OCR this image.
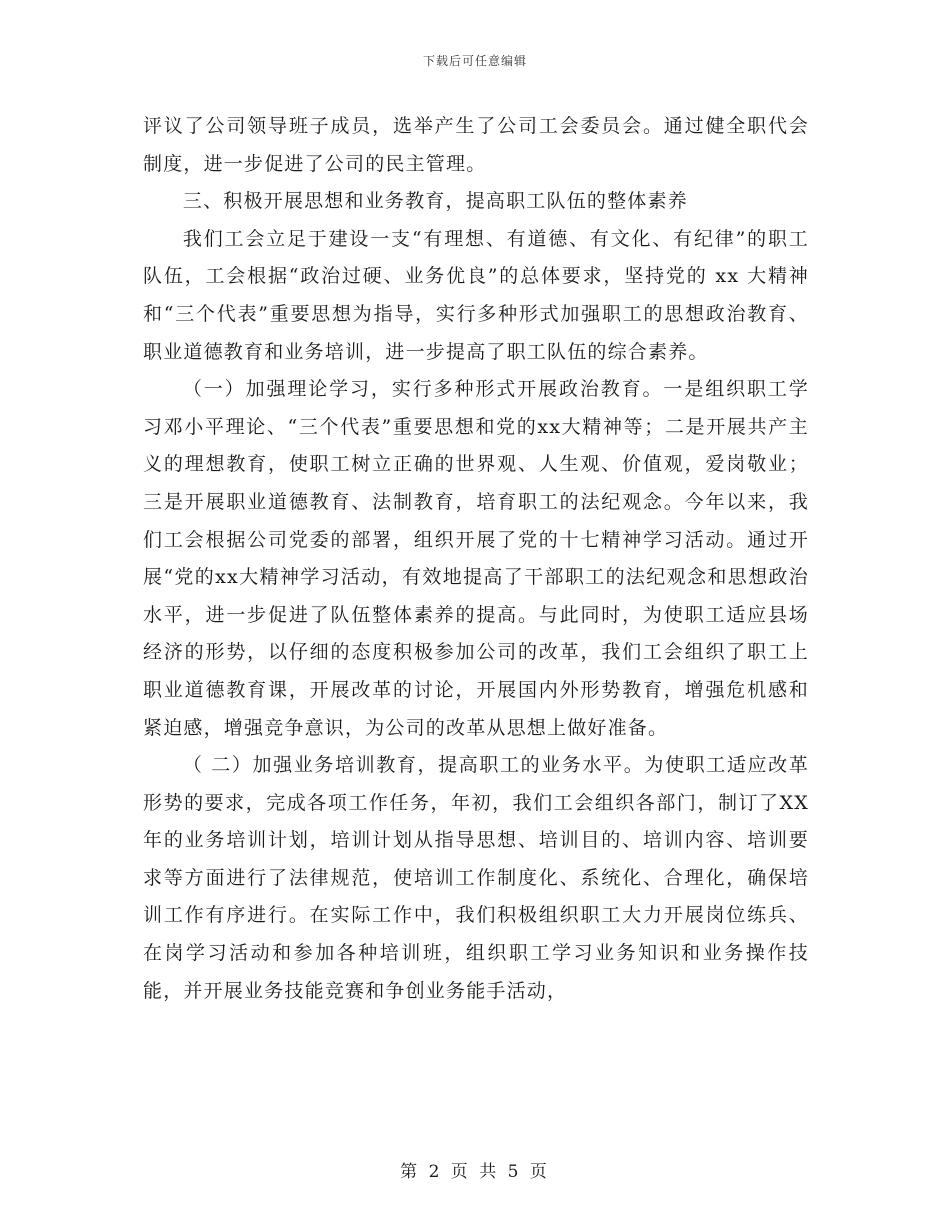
下载后可任意编辑

评议了公司领导班子成员，选举产生了公司工会委员会。通过健全职代会制度，进一步促进了公司的民主管理。

三、积极开展思想和业务教育，提高职工队伍的整体素养

我们工会立足于建设一支“有理想、有道德、有文化、有纪律”的职工队伍，工会根据“政治过硬、业务优良”的总体要求，坚持党的 xx 大精神和“三个代表”重要思想为指导，实行多种形式加强职工的思想政治教育、职业道德教育和业务培训，进一步提高了职工队伍的综合素养。

（一）加强理论学习，实行多种形式开展政治教育。一是组织职工学习邓小平理论、“三个代表”重要思想和党的xx大精神等；二是开展共产主义的理想教育，使职工树立正确的世界观、人生观、价值观，爱岗敬业；三是开展职业道德教育、法制教育，培育职工的法纪观念。今年以来，我们工会根据公司党委的部署，组织开展了党的十七精神学习活动。通过开展“党的xx大精神学习活动，有效地提高了干部职工的法纪观念和思想政治水平，进一步促进了队伍整体素养的提高。与此同时，为使职工适应县场经济的形势，以仔细的态度积极参加公司的改革，我们工会组织了职工上职业道德教育课，开展改革的讨论，开展国内外形势教育，增强危机感和紧迫感，增强竞争意识，为公司的改革从思想上做好准备。

（ 二）加强业务培训教育，提高职工的业务水平。为使职工适应改革形势的要求，完成各项工作任务，年初，我们工会组织各部门，制订了XX 年的业务培训计划，培训计划从指导思想、培训目的、培训内容、培训要求等方面进行了法律规范，使培训工作制度化、系统化、合理化，确保培训工作有序进行。在实际工作中，我们积极组织职工大力开展岗位练兵、在岗学习活动和参加各种培训班，组织职工学习业务知识和业务操作技能，并开展业务技能竞赛和争创业务能手活动，

第 2 页 共 5 页
